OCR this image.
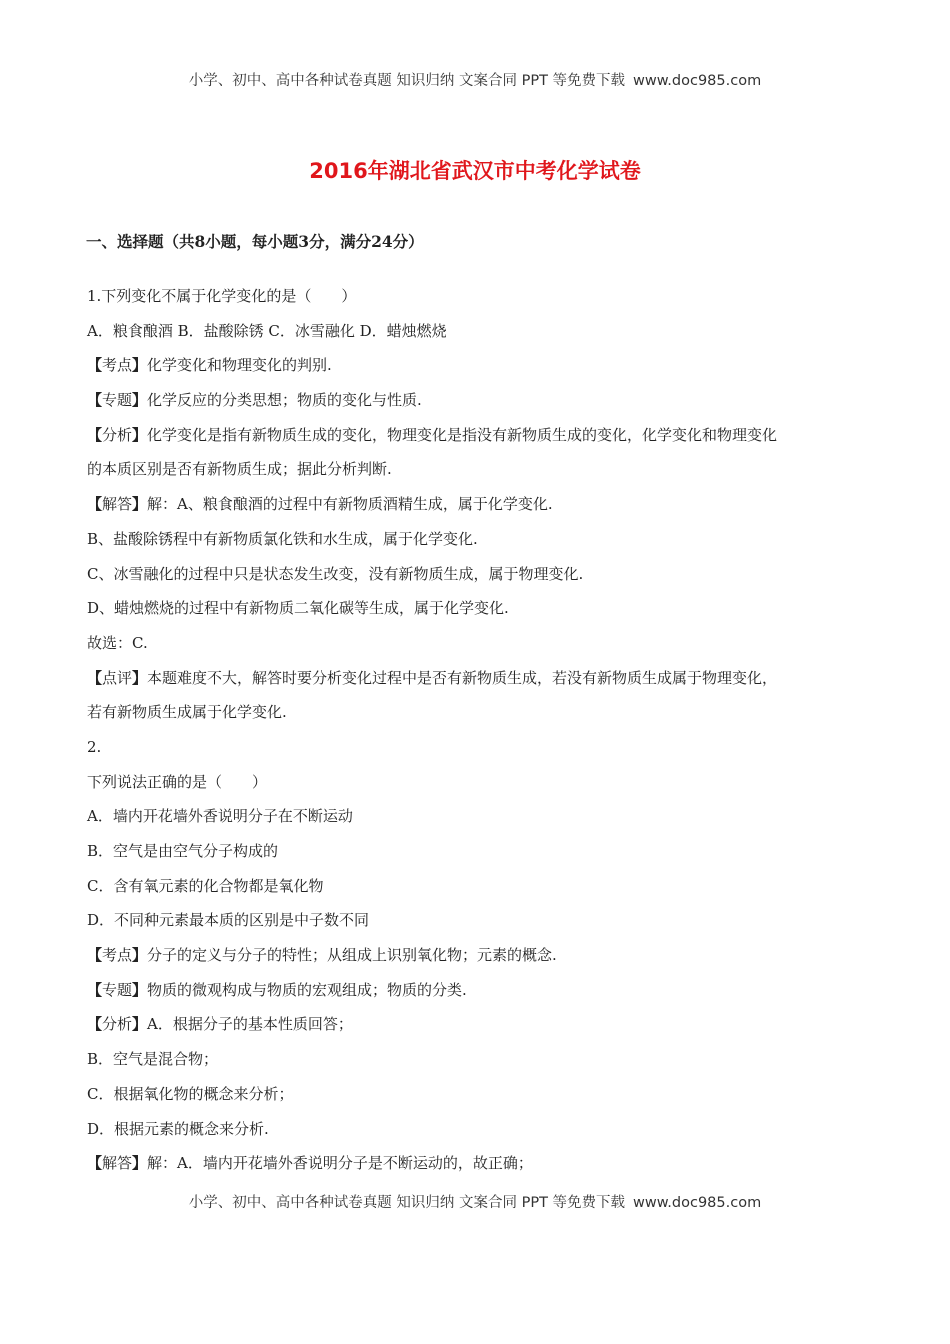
小学、初中、高中各种试卷真题 知识归纳 文案合同 PPT 等免费下载 www.doc985.com
2016年湖北省武汉市中考化学试卷
一、选择题（共8小题，每小题3分，满分24分）
1.下列变化不属于化学变化的是（　　）
A．粮食酿酒 B．盐酸除锈 C．冰雪融化 D．蜡烛燃烧
【考点】化学变化和物理变化的判别.
【专题】化学反应的分类思想；物质的变化与性质.
【分析】化学变化是指有新物质生成的变化，物理变化是指没有新物质生成的变化，化学变化和物理变化
的本质区别是否有新物质生成；据此分析判断.
【解答】解：A、粮食酿酒的过程中有新物质酒精生成，属于化学变化.
B、盐酸除锈程中有新物质氯化铁和水生成，属于化学变化.
C、冰雪融化的过程中只是状态发生改变，没有新物质生成，属于物理变化.
D、蜡烛燃烧的过程中有新物质二氧化碳等生成，属于化学变化.
故选：C.
【点评】本题难度不大，解答时要分析变化过程中是否有新物质生成，若没有新物质生成属于物理变化，
若有新物质生成属于化学变化.
2.
下列说法正确的是（　　）
A．墙内开花墙外香说明分子在不断运动
B．空气是由空气分子构成的
C．含有氧元素的化合物都是氧化物
D．不同种元素最本质的区别是中子数不同
【考点】分子的定义与分子的特性；从组成上识别氧化物；元素的概念.
【专题】物质的微观构成与物质的宏观组成；物质的分类.
【分析】A．根据分子的基本性质回答；
B．空气是混合物；
C．根据氧化物的概念来分析；
D．根据元素的概念来分析.
【解答】解：A．墙内开花墙外香说明分子是不断运动的，故正确；
小学、初中、高中各种试卷真题 知识归纳 文案合同 PPT 等免费下载 www.doc985.com
